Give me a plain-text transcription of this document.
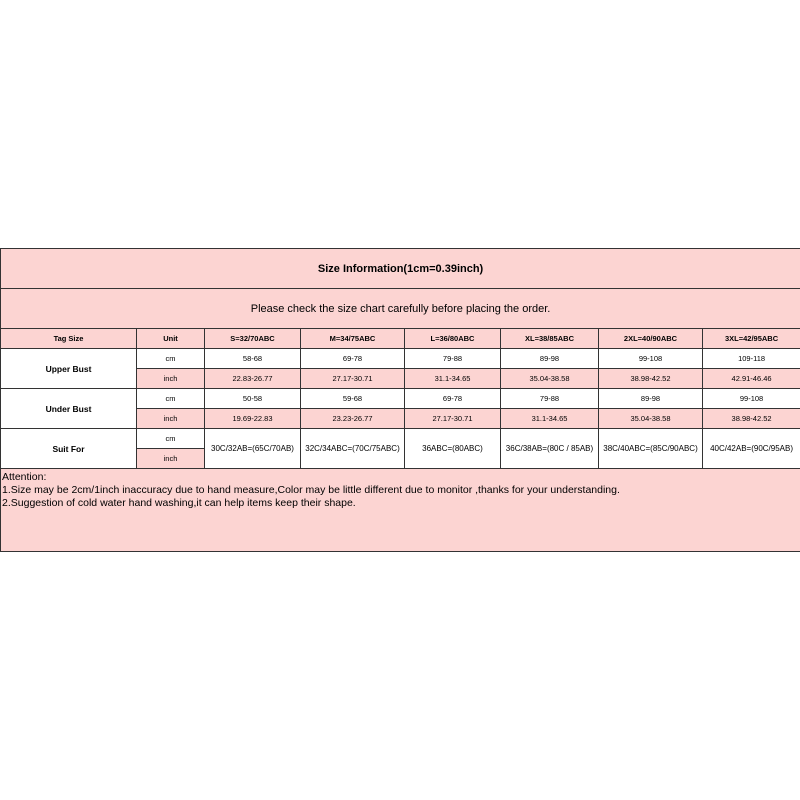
Size Information(1cm=0.39inch)							
Please check the size chart carefully before placing the order.							
Tag Size	Unit	S=32/70ABC	M=34/75ABC	L=36/80ABC	XL=38/85ABC	2XL=40/90ABC	3XL=42/95ABC
Upper Bust	cm	58-68	69-78	79-88	89-98	99-108	109-118
	inch	22.83-26.77	27.17-30.71	31.1-34.65	35.04-38.58	38.98-42.52	42.91-46.46
Under Bust	cm	50-58	59-68	69-78	79-88	89-98	99-108
	inch	19.69-22.83	23.23-26.77	27.17-30.71	31.1-34.65	35.04-38.58	38.98-42.52
Suit For	cm	30C/32AB=(65C/70AB)	32C/34ABC=(70C/75ABC)	36ABC=(80ABC)	36C/38AB=(80C / 85AB)	38C/40ABC=(85C/90ABC)	40C/42AB=(90C/95AB)
	inch						

Attention:
1.Size may be 2cm/1inch inaccuracy due to hand measure,Color may be little different due to monitor ,thanks for your understanding.
2.Suggestion of cold water hand washing,it can help items keep their shape.							
